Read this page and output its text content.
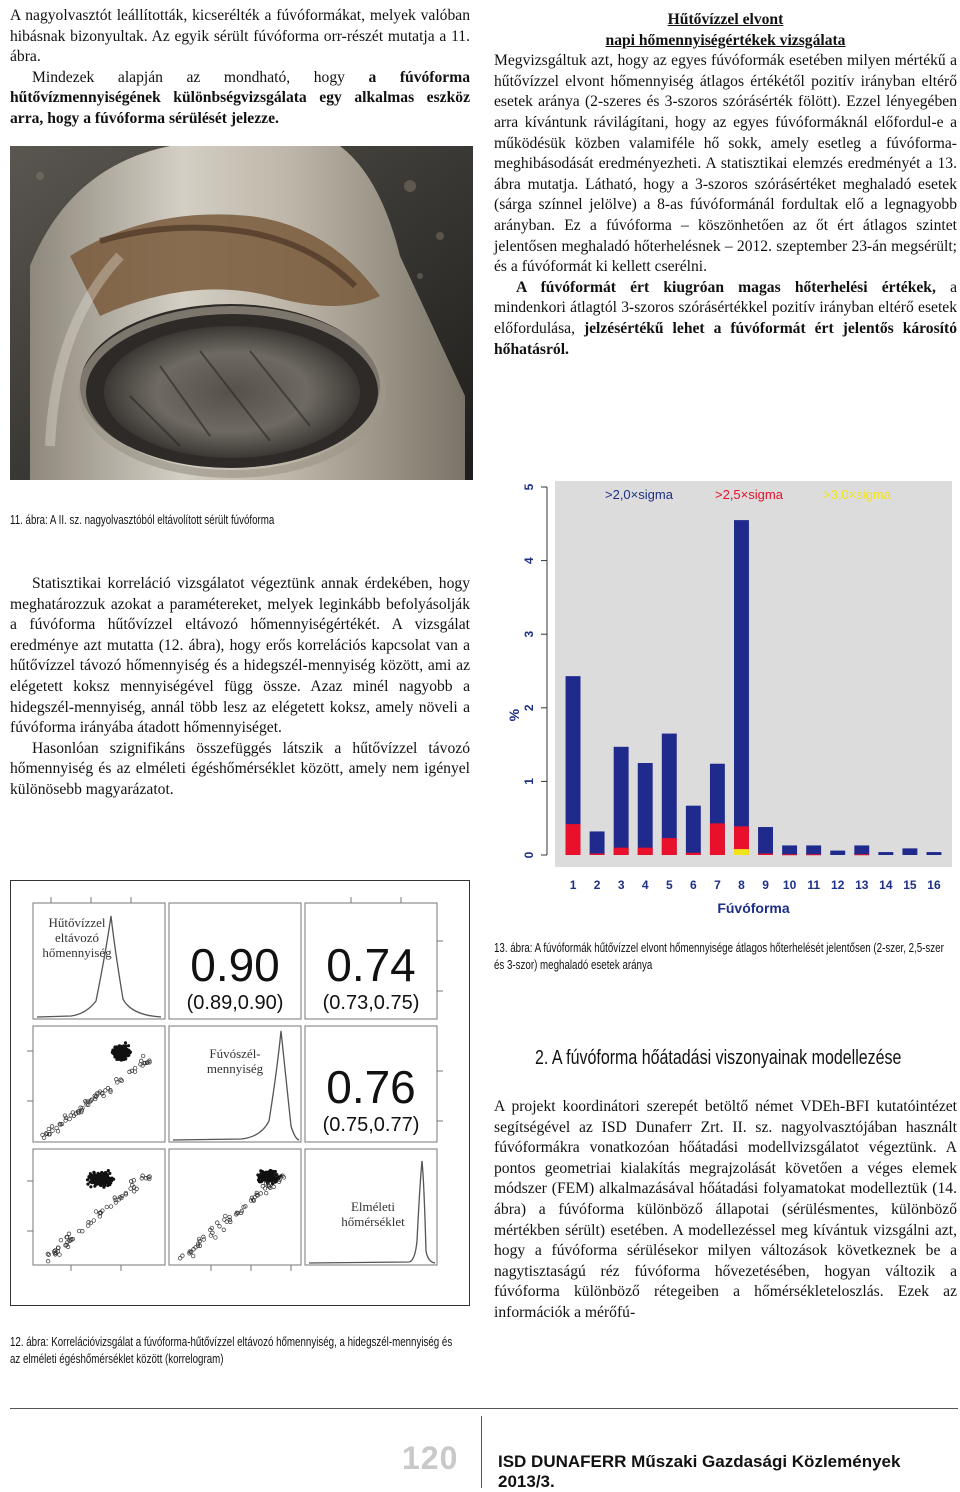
A nagyolvasztót leállították, kicserélték a fúvóformákat, melyek valóban hibásnak bizonyultak. Az egyik sérült fúvóforma orr-részét mutatja a 11. ábra.

Mindezek alapján az mondható, hogy a fúvóforma hűtővízmennyiségének különbségvizsgálata egy alkalmas eszköz arra, hogy a fúvóforma sérülését jelezze.

11. ábra: A II. sz. nagyolvasztóból eltávolított sérült fúvóforma
Hűtővízzel elvont
napi hőmennyiségértékek vizsgálata

Megvizsgáltuk azt, hogy az egyes fúvóformák esetében milyen mértékű a hűtővízzel elvont hőmennyiség átlagos értékétől pozitív irányban eltérő esetek aránya (2-szeres és 3-szoros szórásérték fölött). Ezzel lényegében arra kívántunk rávilágítani, hogy az egyes fúvóformáknál előfordul-e a működésük közben valamiféle hő sokk, amely esetleg a fúvóforma-meghibásodását eredményezheti. A statisztikai elemzés eredményét a 13. ábra mutatja. Látható, hogy a 3-szoros szórásértéket meghaladó esetek (sárga színnel jelölve) a 8-as fúvóformánál fordultak elő a legnagyobb arányban. Ez a fúvóforma – köszönhetően az őt ért átlagos szintet jelentősen meghaladó hőterhelésnek – 2012. szeptember 23-án megsérült; és a fúvóformát ki kellett cserélni.

A fúvóformát ért kiugróan magas hőterhelési értékek, a mindenkori átlagtól 3-szoros szórásértékkel pozitív irányban eltérő esetek előfordulása, jelzésértékű lehet a fúvóformát ért jelentős károsító hőhatásról.

0
1
2
3
4
5
1 2 3 4 5 6 7 8 9 10 11 12 13 14 15 16
>2,0×sigma	>2,5×sigma	>3,0×sigma
%
Fúvóforma
13. ábra: A fúvóformák hűtővízzel elvont hőmennyisége átlagos hőterhelését jelentősen (2-szer, 2,5-szer és 3-szor) meghaladó esetek aránya

Statisztikai korreláció vizsgálatot végeztünk annak érdekében, hogy meghatározzuk azokat a paramétereket, melyek leginkább befolyásolják a fúvóforma hűtővízzel eltávozó hőmennyiségértékét. A vizsgálat eredménye azt mutatta (12. ábra), hogy erős korrelációs kapcsolat van a hűtővízzel távozó hőmennyiség és a hidegszél-mennyiség között, ami az elégetett koksz mennyiségével függ össze. Azaz minél nagyobb a hidegszél-mennyiség, annál több lesz az elégetett koksz, amely növeli a fúvóforma irányába átadott hőmennyiséget.

Hasonlóan szignifikáns összefüggés látszik a hűtővízzel távozó hőmennyiség és az elméleti égéshőmérséklet között, amely nem igényel különösebb magyarázatot.

Hűtővízzel
eltávozó
hőmennyiség
Fúvószél-
mennyiség
Elméleti
hőmérséklet
0.90
(0.89,0.90)
0.74
(0.73,0.75)
0.76
(0.75,0.77)
12. ábra: Korrelációvizsgálat a fúvóforma-hűtővízzel eltávozó hőmennyiség, a hidegszél-mennyiség és az elméleti égéshőmérséklet között (korrelogram)
2. A fúvóforma hőátadási viszonyainak modellezése

A projekt koordinátori szerepét betöltő német VDEh-BFI kutatóintézet segítségével az ISD Dunaferr Zrt. II. sz. nagyolvasztójában használt fúvóformákra vonatkozóan hőátadási modellvizsgálatot végeztünk. A pontos geometriai kialakítás megrajzolását követően a véges elemek módszer (FEM) alkalmazásával hőátadási folyamatokat modelleztük (14. ábra) a fúvóforma különböző állapotai (sérülésmentes, különböző mértékben sérült) esetében. A modellezéssel meg kívántuk vizsgálni azt, hogy a fúvóforma sérülésekor milyen változások következnek be a nagytisztaságú réz fúvóforma hővezetésében, hogyan változik a fúvóforma különböző rétegeiben a hőmérsékleteloszlás. Ezek az információk a mérőfú-

120 ISD DUNAFERR Műszaki Gazdasági Közlemények 2013/3.
